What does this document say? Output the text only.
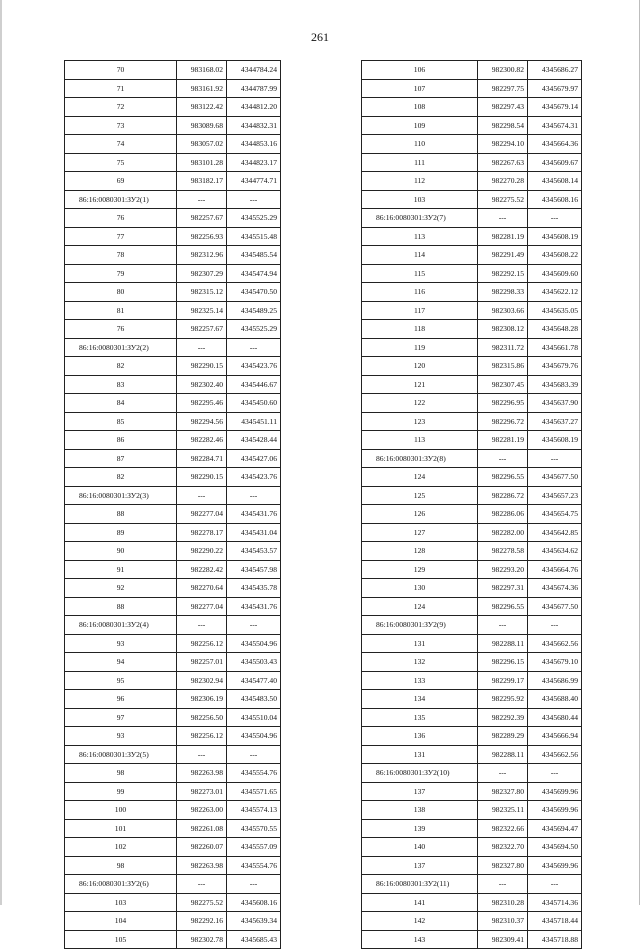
261
70	983168.02	4344784.24
71	983161.92	4344787.99
72	983122.42	4344812.20
73	983089.68	4344832.31
74	983057.02	4344853.16
75	983101.28	4344823.17
69	983182.17	4344774.71
86:16:0080301:ЗУ2(1)	---	---
76	982257.67	4345525.29
77	982256.93	4345515.48
78	982312.96	4345485.54
79	982307.29	4345474.94
80	982315.12	4345470.50
81	982325.14	4345489.25
76	982257.67	4345525.29
86:16:0080301:ЗУ2(2)	---	---
82	982290.15	4345423.76
83	982302.40	4345446.67
84	982295.46	4345450.60
85	982294.56	4345451.11
86	982282.46	4345428.44
87	982284.71	4345427.06
82	982290.15	4345423.76
86:16:0080301:ЗУ2(3)	---	---
88	982277.04	4345431.76
89	982278.17	4345431.04
90	982290.22	4345453.57
91	982282.42	4345457.98
92	982270.64	4345435.78
88	982277.04	4345431.76
86:16:0080301:ЗУ2(4)	---	---
93	982256.12	4345504.96
94	982257.01	4345503.43
95	982302.94	4345477.40
96	982306.19	4345483.50
97	982256.50	4345510.04
93	982256.12	4345504.96
86:16:0080301:ЗУ2(5)	---	---
98	982263.98	4345554.76
99	982273.01	4345571.65
100	982263.00	4345574.13
101	982261.08	4345570.55
102	982260.07	4345557.09
98	982263.98	4345554.76
86:16:0080301:ЗУ2(6)	---	---
103	982275.52	4345608.16
104	982292.16	4345639.34
105	982302.78	4345685.43
106	982300.82	4345686.27
107	982297.75	4345679.97
108	982297.43	4345679.14
109	982298.54	4345674.31
110	982294.10	4345664.36
111	982267.63	4345609.67
112	982270.28	4345608.14
103	982275.52	4345608.16
86:16:0080301:ЗУ2(7)	---	---
113	982281.19	4345608.19
114	982291.49	4345608.22
115	982292.15	4345609.60
116	982298.33	4345622.12
117	982303.66	4345635.05
118	982308.12	4345648.28
119	982311.72	4345661.78
120	982315.86	4345679.76
121	982307.45	4345683.39
122	982296.95	4345637.90
123	982296.72	4345637.27
113	982281.19	4345608.19
86:16:0080301:ЗУ2(8)	---	---
124	982296.55	4345677.50
125	982286.72	4345657.23
126	982286.06	4345654.75
127	982282.00	4345642.85
128	982278.58	4345634.62
129	982293.20	4345664.76
130	982297.31	4345674.36
124	982296.55	4345677.50
86:16:0080301:ЗУ2(9)	---	---
131	982288.11	4345662.56
132	982296.15	4345679.10
133	982299.17	4345686.99
134	982295.92	4345688.40
135	982292.39	4345680.44
136	982289.29	4345666.94
131	982288.11	4345662.56
86:16:0080301:ЗУ2(10)	---	---
137	982327.80	4345699.96
138	982325.11	4345699.96
139	982322.66	4345694.47
140	982322.70	4345694.50
137	982327.80	4345699.96
86:16:0080301:ЗУ2(11)	---	---
141	982310.28	4345714.36
142	982310.37	4345718.44
143	982309.41	4345718.88
